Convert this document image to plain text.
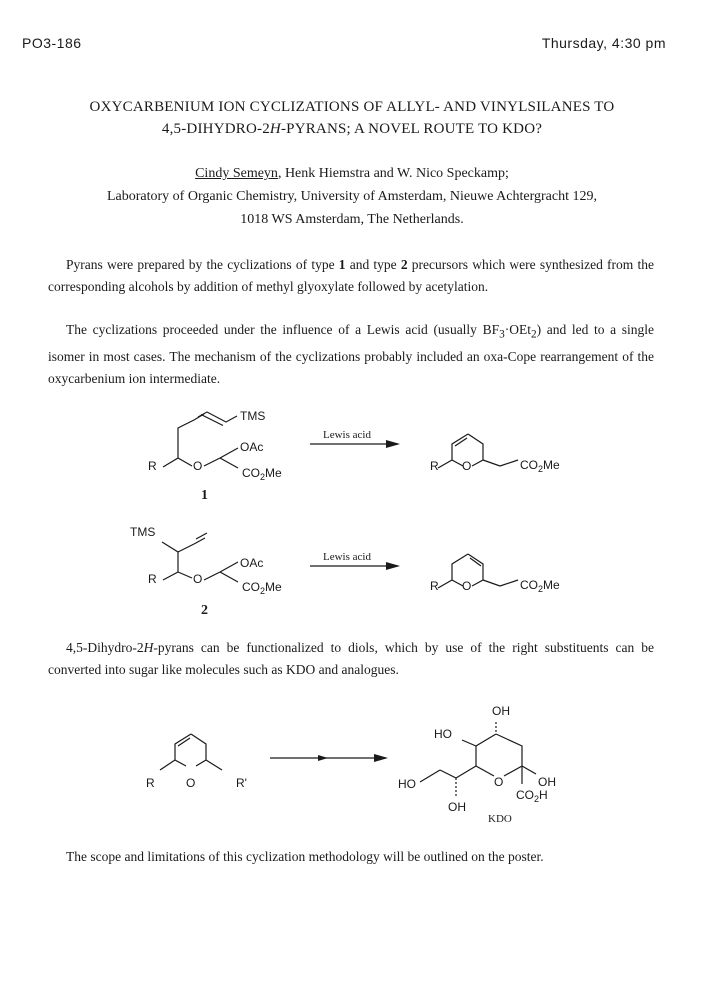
PO3-186	Thursday, 4:30 pm
OXYCARBENIUM ION CYCLIZATIONS OF ALLYL- AND VINYLSILANES TO
4,5-DIHYDRO-2H-PYRANS; A NOVEL ROUTE TO KDO?
Cindy Semeyn, Henk Hiemstra and W. Nico Speckamp;
Laboratory of Organic Chemistry, University of Amsterdam, Nieuwe Achtergracht 129,
1018 WS Amsterdam, The Netherlands.
Pyrans were prepared by the cyclizations of type 1 and type 2 precursors which were synthesized from the corresponding alcohols by addition of methyl glyoxylate followed by acetylation.
The cyclizations proceeded under the influence of a Lewis acid (usually $BF_3\cdot OEt_2$) and led to a single isomer in most cases. The mechanism of the cyclizations probably included an oxa-Cope rearrangement of the oxycarbenium ion intermediate.
TMS
OAc
R	O	$CO_2Me$
1
Lewis acid
R O	$CO_2Me$
TMS
OAc
R	O
$CO_2Me$
2
Lewis acid
R O	$CO_2Me$
4,5-Dihydro-2H-pyrans can be functionalized to diols, which by use of the right substituents can be converted into sugar like molecules such as KDO and analogues.
R	O	R'
OH
HO
HO	O	OH
$CO_2H$
OH
KDO
The scope and limitations of this cyclization methodology will be outlined on the poster.
